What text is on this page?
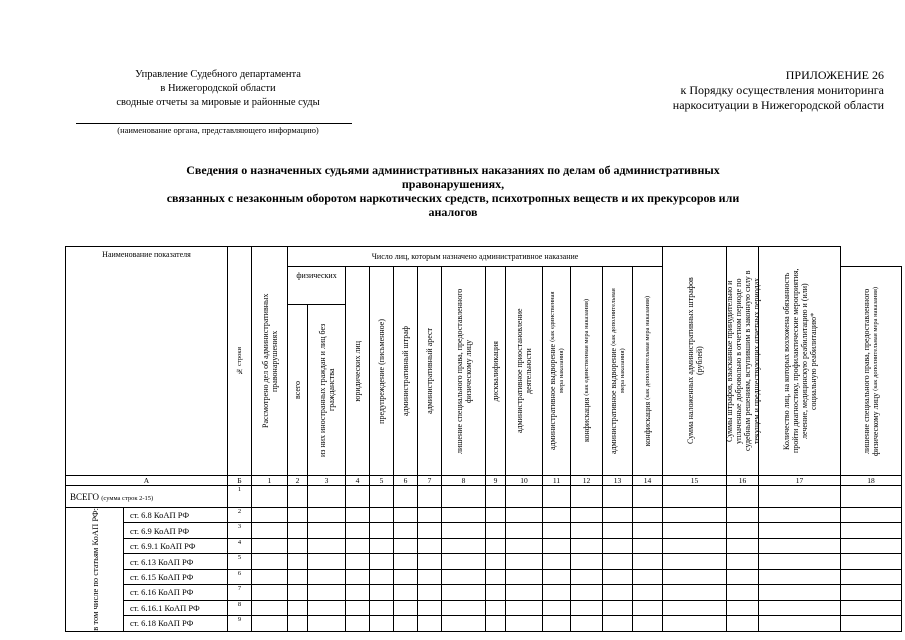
Управление Судебного департамента
в Нижегородской области
сводные отчеты за мировые и районные суды
(наименование органа, представляющего информацию)
ПРИЛОЖЕНИЕ 26
к Порядку осуществления мониторинга
наркоситуации в Нижегородской области
Сведения о назначенных судьями административных наказаниях по делам об административных
правонарушениях,
связанных с незаконным оборотом наркотических средств, психотропных веществ и их прекурсоров или
аналогов
Наименование показателя		№ строки	Рассмотрено дел об административных правонарушениях	Число лиц, которым назначено административное наказание													Сумма наложенных административных штрафов (рублей)	Суммы штрафов, взысканные принудительно и уплаченные добровольно в отчетном периоде по судебным решениям, вступившим в законную силу в текущем и предшествующих отчетных периодах	Количество лиц, на которых возложена обязанность пройти диагностику, профилактические мероприятия, лечение, медицинскую реабилитацию и (или) социальную реабилитацию*	

				физических		юридических лиц	предупреждение (письменное)	административный штраф	административный арест	лишение специального права, предоставленного физическому лицу	дисквалификация	административное приостановление деятельности	административное выдворение (как единственная мера наказания)	конфискация (как единственная мера наказания)	административное выдворение (как дополнительная мера наказания)	конфискация (как дополнительная мера наказания)				лишение специального права, предоставленного физическому лицу (как дополнительная мера наказания)

				всего	из них иностранных граждан и лиц без гражданства															

А		Б	1	2	3	4	5	6	7	8	9	10	11	12	13	14	15	16	17	18
ВСЕГО (сумма строк 2-15)		1																		

в том числе по статьям КоАП РФ:	ст. 6.8 КоАП РФ	2																		
	ст. 6.9 КоАП РФ	3																		
	ст. 6.9.1 КоАП РФ	4																		
	ст. 6.13 КоАП РФ	5																		
	ст. 6.15 КоАП РФ	6																		
	ст. 6.16 КоАП РФ	7																		
	ст. 6.16.1 КоАП РФ	8																		
	ст. 6.18 КоАП РФ	9																		
